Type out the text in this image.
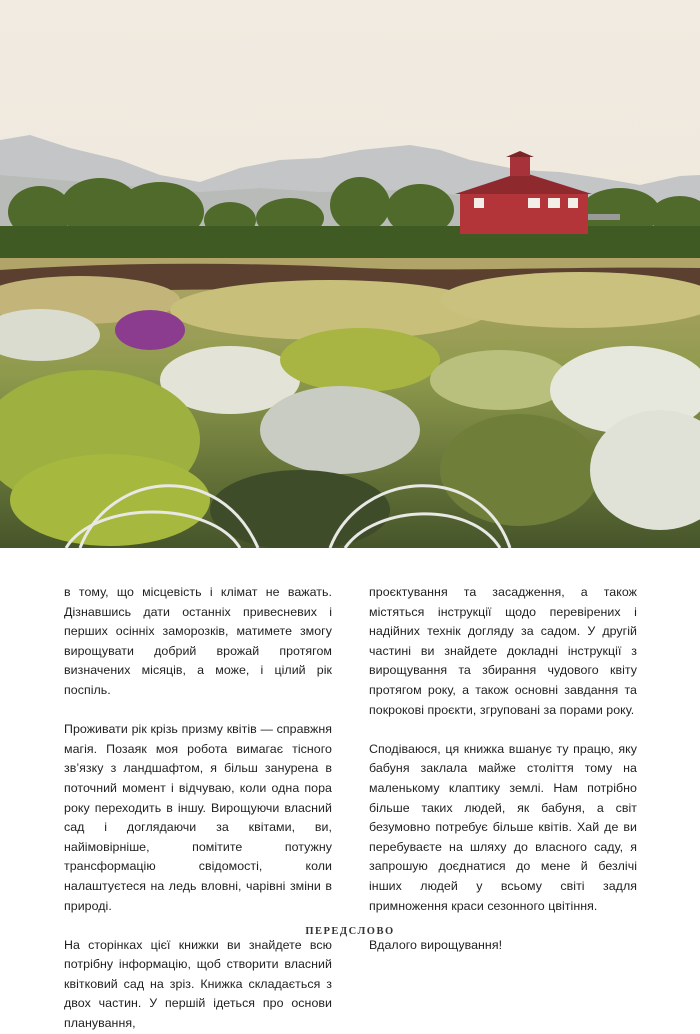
в тому, що місцевість і клімат не важать. Дізнавшись дати останніх привесневих і перших осінніх заморозків, матимете змогу вирощувати добрий врожай протягом визначених місяців, а може, і цілий рік поспіль.

Проживати рік крізь призму квітів — справжня магія. Позаяк моя робота вимагає тісного зв’язку з ландшафтом, я більш занурена в поточний момент і відчуваю, коли одна пора року переходить в іншу. Вирощуючи власний сад і доглядаючи за квітами, ви, найімовірніше, помітите потужну трансформацію свідомості, коли налаштуєтеся на ледь вловні, чарівні зміни в природі.

На сторінках цієї книжки ви знайдете всю потрібну інформацію, щоб створити власний квітковий сад на зріз. Книжка складається з двох частин. У першій ідеться про основи планування,

проєктування та засадження, а також містяться інструкції щодо перевірених і надійних технік догляду за садом. У другій частині ви знайдете докладні інструкції з вирощування та збирання чудового квіту протягом року, а також основні завдання та покрокові проєкти, згруповані за порами року.

Сподіваюся, ця книжка вшанує ту працю, яку бабуня заклала майже століття тому на маленькому клаптику землі. Нам потрібно більше таких людей, як бабуня, а світ безумовно потребує більше квітів. Хай де ви перебуваєте на шляху до власного саду, я запрошую доєднатися до мене й безлічі інших людей у всьому світі задля примноження краси сезонного цвітіння.

Вдалого вирощування!

ПЕРЕДСЛОВО
